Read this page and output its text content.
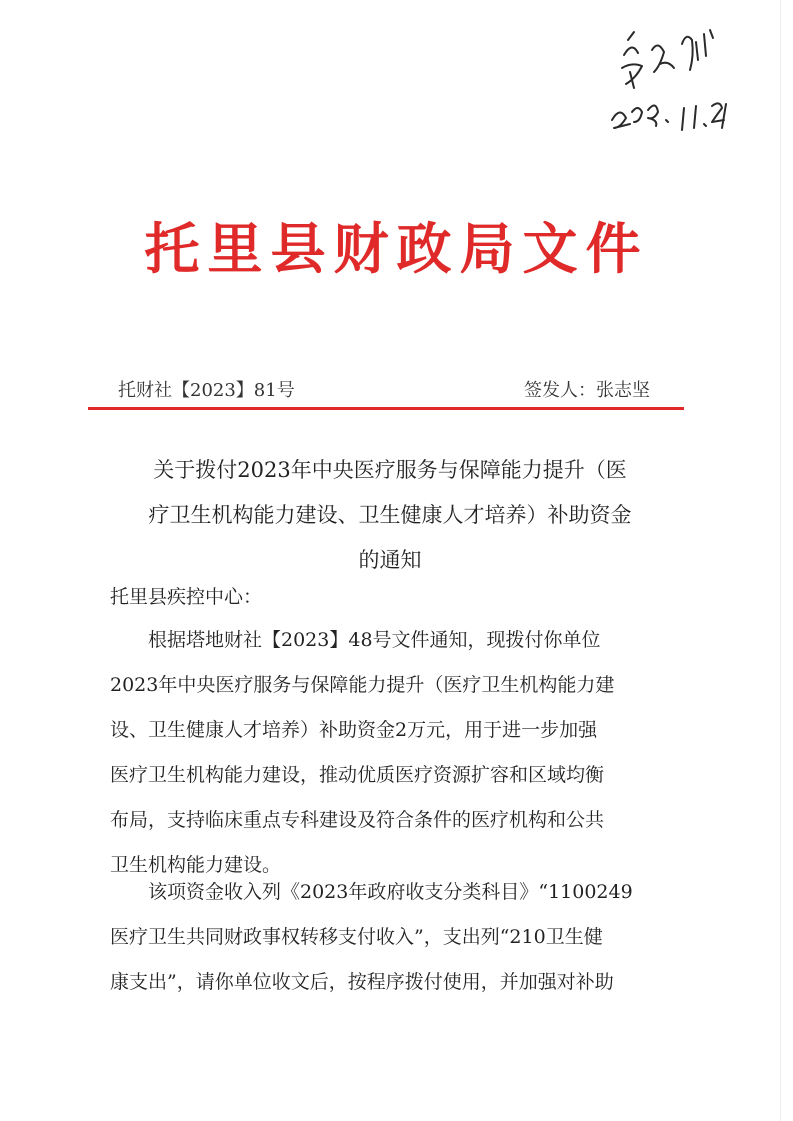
托里县财政局文件
托财社【2023】81号	签发人：张志坚
关于拨付2023年中央医疗服务与保障能力提升（医
疗卫生机构能力建设、卫生健康人才培养）补助资金
的通知
托里县疾控中心：
根据塔地财社【2023】48号文件通知，现拨付你单位
2023年中央医疗服务与保障能力提升（医疗卫生机构能力建
设、卫生健康人才培养）补助资金2万元，用于进一步加强
医疗卫生机构能力建设，推动优质医疗资源扩容和区域均衡
布局，支持临床重点专科建设及符合条件的医疗机构和公共
卫生机构能力建设。
该项资金收入列《2023年政府收支分类科目》“1100249
医疗卫生共同财政事权转移支付收入”，支出列“210卫生健
康支出”，请你单位收文后，按程序拨付使用，并加强对补助
